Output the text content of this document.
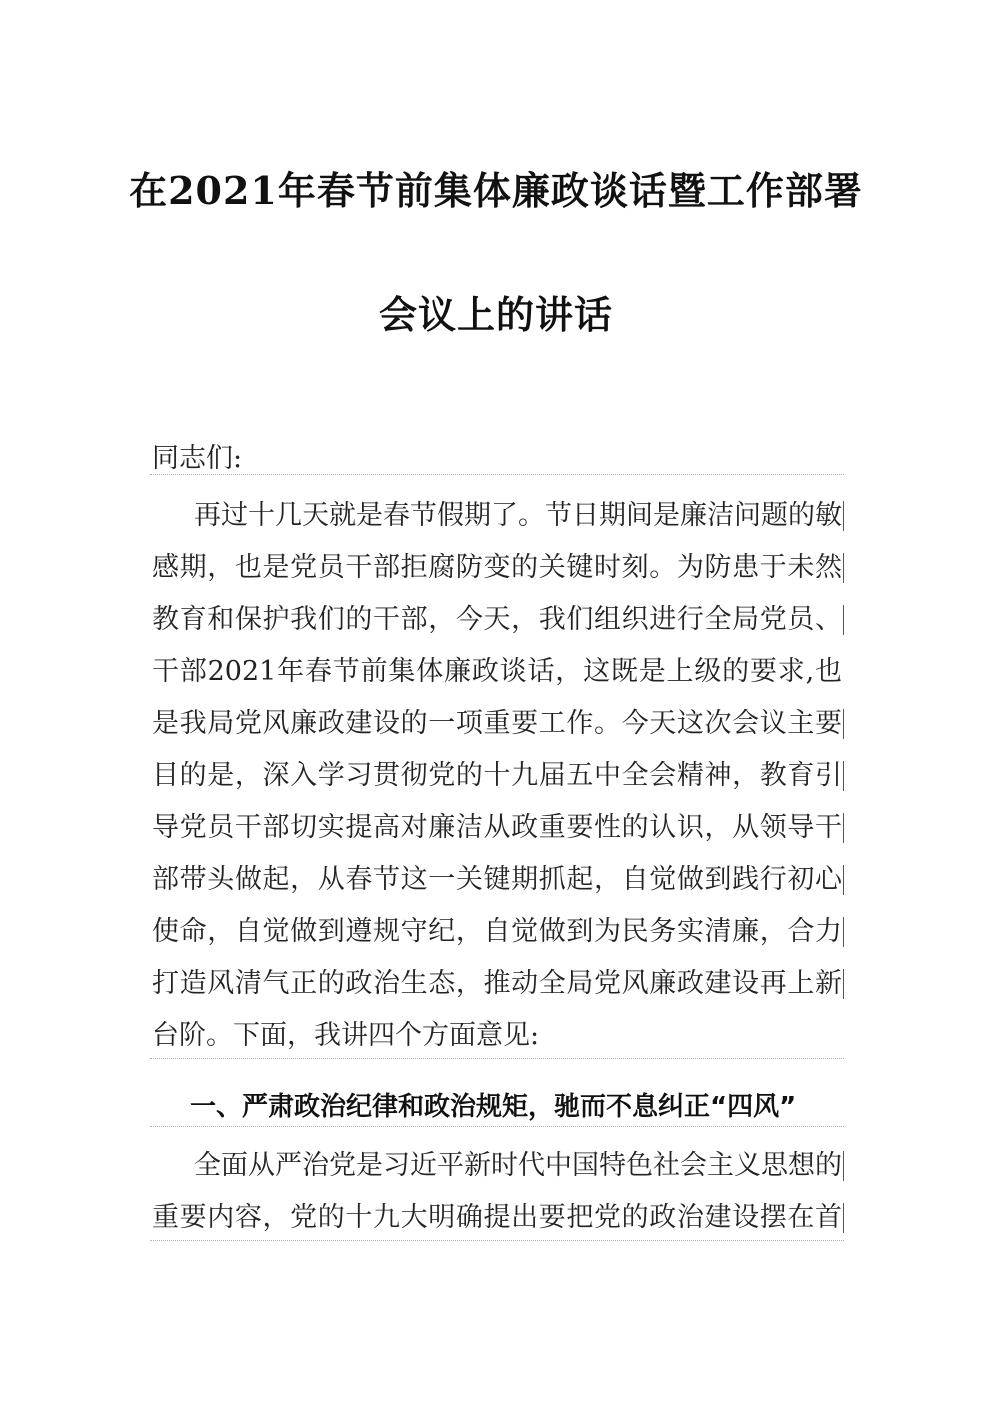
在2021年春节前集体廉政谈话暨工作部署
会议上的讲话
同志们:
再过十几天就是春节假期了。节日期间是廉洁问题的敏
感期，也是党员干部拒腐防变的关键时刻。为防患于未然
教育和保护我们的干部，今天，我们组织进行全局党员、
干部2021年春节前集体廉政谈话，这既是上级的要求,也
是我局党风廉政建设的一项重要工作。今天这次会议主要
目的是，深入学习贯彻党的十九届五中全会精神，教育引
导党员干部切实提高对廉洁从政重要性的认识，从领导干
部带头做起，从春节这一关键期抓起，自觉做到践行初心
使命，自觉做到遵规守纪，自觉做到为民务实清廉，合力
打造风清气正的政治生态，推动全局党风廉政建设再上新
台阶。下面，我讲四个方面意见:
一、严肃政治纪律和政治规矩，驰而不息纠正“四风”
全面从严治党是习近平新时代中国特色社会主义思想的
重要内容，党的十九大明确提出要把党的政治建设摆在首
